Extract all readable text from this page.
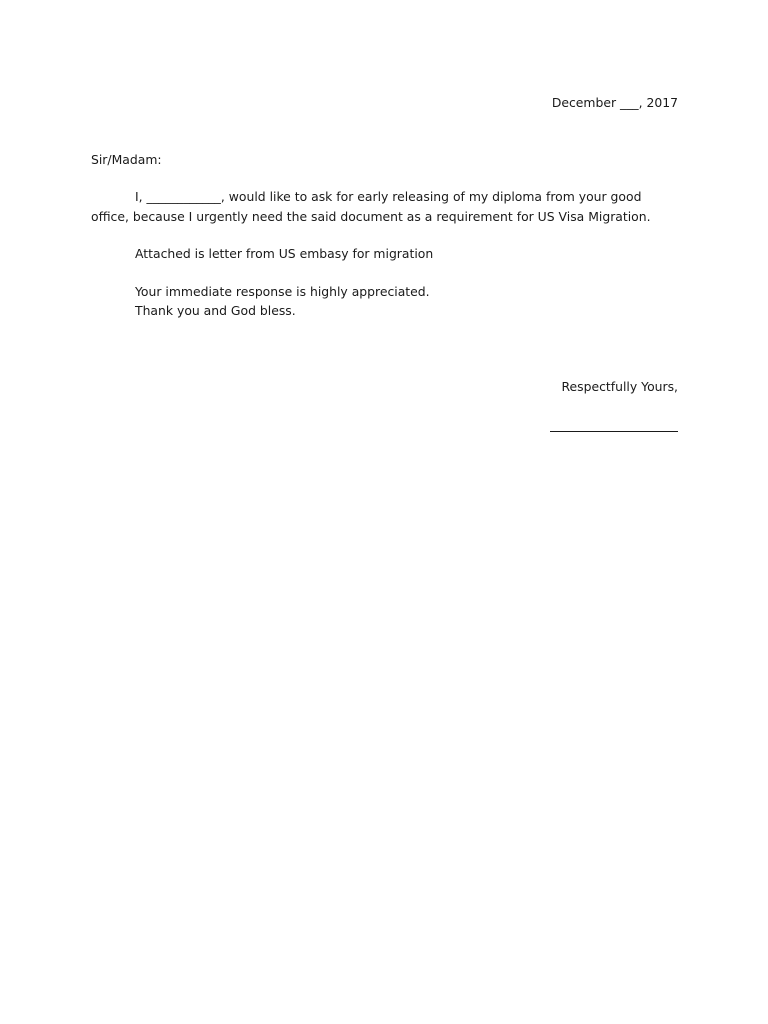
December ___, 2017
Sir/Madam:
I, ____________, would like to ask for early releasing of my diploma from your good
office, because I urgently need the said document as a requirement for US Visa Migration.
Attached is letter from US embasy for migration
Your immediate response is highly appreciated.
Thank you and God bless.
Respectfully Yours,
